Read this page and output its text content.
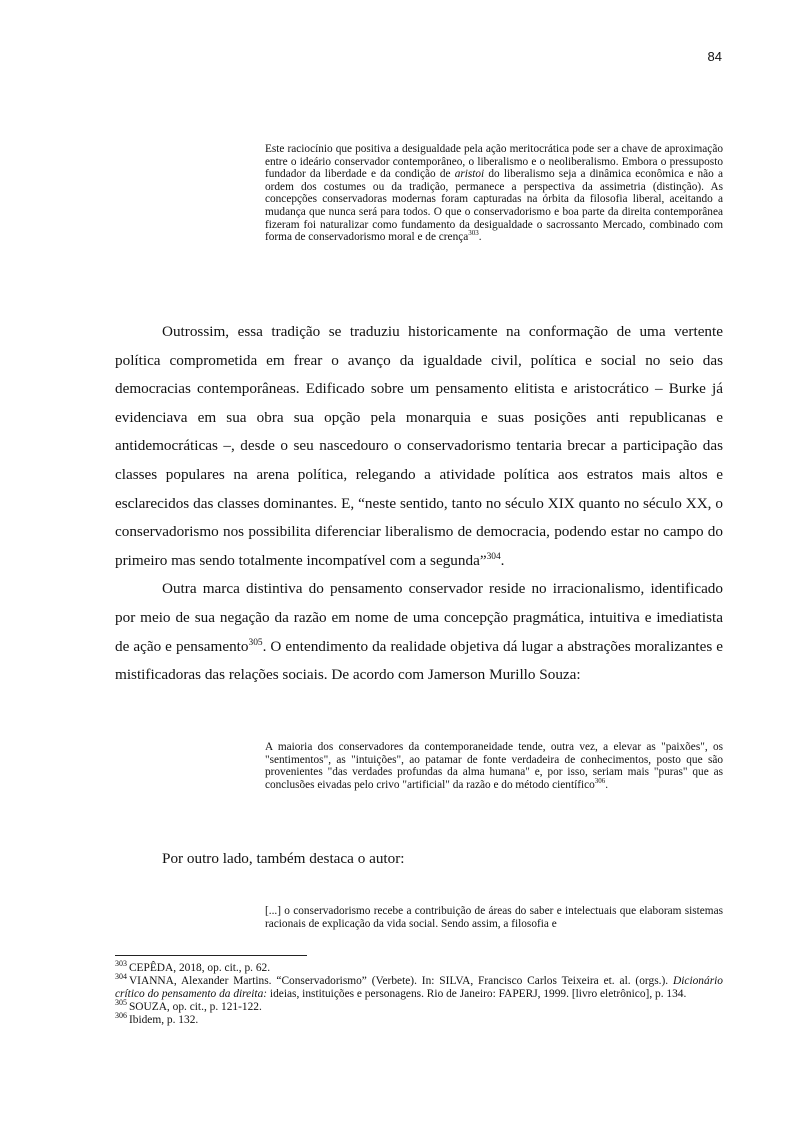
84
Este raciocínio que positiva a desigualdade pela ação meritocrática pode ser a chave de aproximação entre o ideário conservador contemporâneo, o liberalismo e o neoliberalismo. Embora o pressuposto fundador da liberdade e da condição de aristoi do liberalismo seja a dinâmica econômica e não a ordem dos costumes ou da tradição, permanece a perspectiva da assimetria (distinção). As concepções conservadoras modernas foram capturadas na órbita da filosofia liberal, aceitando a mudança que nunca será para todos. O que o conservadorismo e boa parte da direita contemporânea fizeram foi naturalizar como fundamento da desigualdade o sacrossanto Mercado, combinado com forma de conservadorismo moral e de crença$^{303}$.

Outrossim, essa tradição se traduziu historicamente na conformação de uma vertente política comprometida em frear o avanço da igualdade civil, política e social no seio das democracias contemporâneas. Edificado sobre um pensamento elitista e aristocrático – Burke já evidenciava em sua obra sua opção pela monarquia e suas posições anti republicanas e antidemocráticas –, desde o seu nascedouro o conservadorismo tentaria brecar a participação das classes populares na arena política, relegando a atividade política aos estratos mais altos e esclarecidos das classes dominantes. E, “neste sentido, tanto no século XIX quanto no século XX, o conservadorismo nos possibilita diferenciar liberalismo de democracia, podendo estar no campo do primeiro mas sendo totalmente incompatível com a segunda”$^{304}$.

Outra marca distintiva do pensamento conservador reside no irracionalismo, identificado por meio de sua negação da razão em nome de uma concepção pragmática, intuitiva e imediatista de ação e pensamento$^{305}$. O entendimento da realidade objetiva dá lugar a abstrações moralizantes e mistificadoras das relações sociais. De acordo com Jamerson Murillo Souza:

A maioria dos conservadores da contemporaneidade tende, outra vez, a elevar as "paixões", os "sentimentos", as "intuições", ao patamar de fonte verdadeira de conhecimentos, posto que são provenientes "das verdades profundas da alma humana" e, por isso, seriam mais "puras" que as conclusões eivadas pelo crivo "artificial" da razão e do método científico$^{306}$.

Por outro lado, também destaca o autor:

[...] o conservadorismo recebe a contribuição de áreas do saber e intelectuais que elaboram sistemas racionais de explicação da vida social. Sendo assim, a filosofia e
$^{303}$ CEPÊDA, 2018, op. cit., p. 62.
$^{304}$ VIANNA, Alexander Martins. “Conservadorismo” (Verbete). In: SILVA, Francisco Carlos Teixeira et. al. (orgs.). Dicionário crítico do pensamento da direita: ideias, instituições e personagens. Rio de Janeiro: FAPERJ, 1999. [livro eletrônico], p. 134.
$^{305}$ SOUZA, op. cit., p. 121-122.
$^{306}$ Ibidem, p. 132.
